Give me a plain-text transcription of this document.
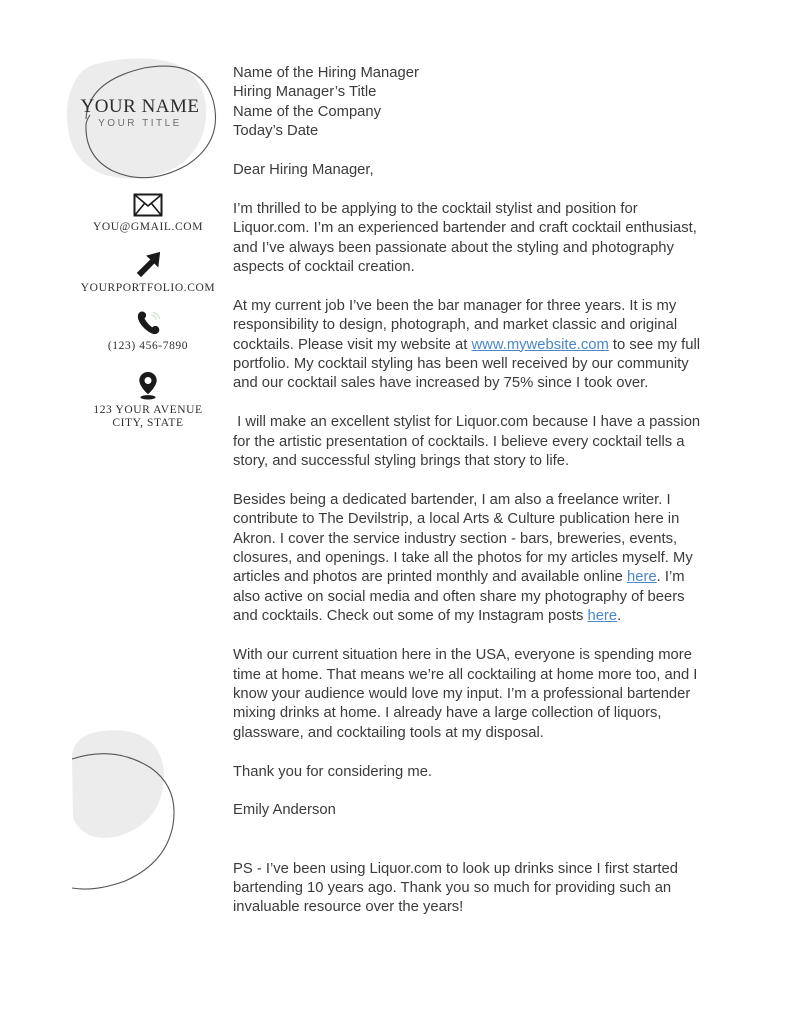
YOUR NAME
YOUR TITLE
YOU@GMAIL.COM
YOURPORTFOLIO.COM
(123) 456-7890
123 YOUR AVENUE
CITY, STATE

Name of the Hiring Manager
Hiring Manager’s Title
Name of the Company
Today’s Date

Dear Hiring Manager,

I’m thrilled to be applying to the cocktail stylist and position for Liquor.com. I’m an experienced bartender and craft cocktail enthusiast, and I’ve always been passionate about the styling and photography aspects of cocktail creation.

At my current job I’ve been the bar manager for three years. It is my responsibility to design, photograph, and market classic and original cocktails. Please visit my website at www.mywebsite.com to see my full portfolio. My cocktail styling has been well received by our community and our cocktail sales have increased by 75% since I took over.

I will make an excellent stylist for Liquor.com because I have a passion for the artistic presentation of cocktails. I believe every cocktail tells a story, and successful styling brings that story to life.

Besides being a dedicated bartender, I am also a freelance writer. I contribute to The Devilstrip, a local Arts & Culture publication here in Akron. I cover the service industry section - bars, breweries, events, closures, and openings. I take all the photos for my articles myself. My articles and photos are printed monthly and available online here. I’m also active on social media and often share my photography of beers and cocktails. Check out some of my Instagram posts here.

With our current situation here in the USA, everyone is spending more time at home. That means we’re all cocktailing at home more too, and I know your audience would love my input. I’m a professional bartender mixing drinks at home. I already have a large collection of liquors, glassware, and cocktailing tools at my disposal.

Thank you for considering me.

Emily Anderson

PS - I’ve been using Liquor.com to look up drinks since I first started bartending 10 years ago. Thank you so much for providing such an invaluable resource over the years!
